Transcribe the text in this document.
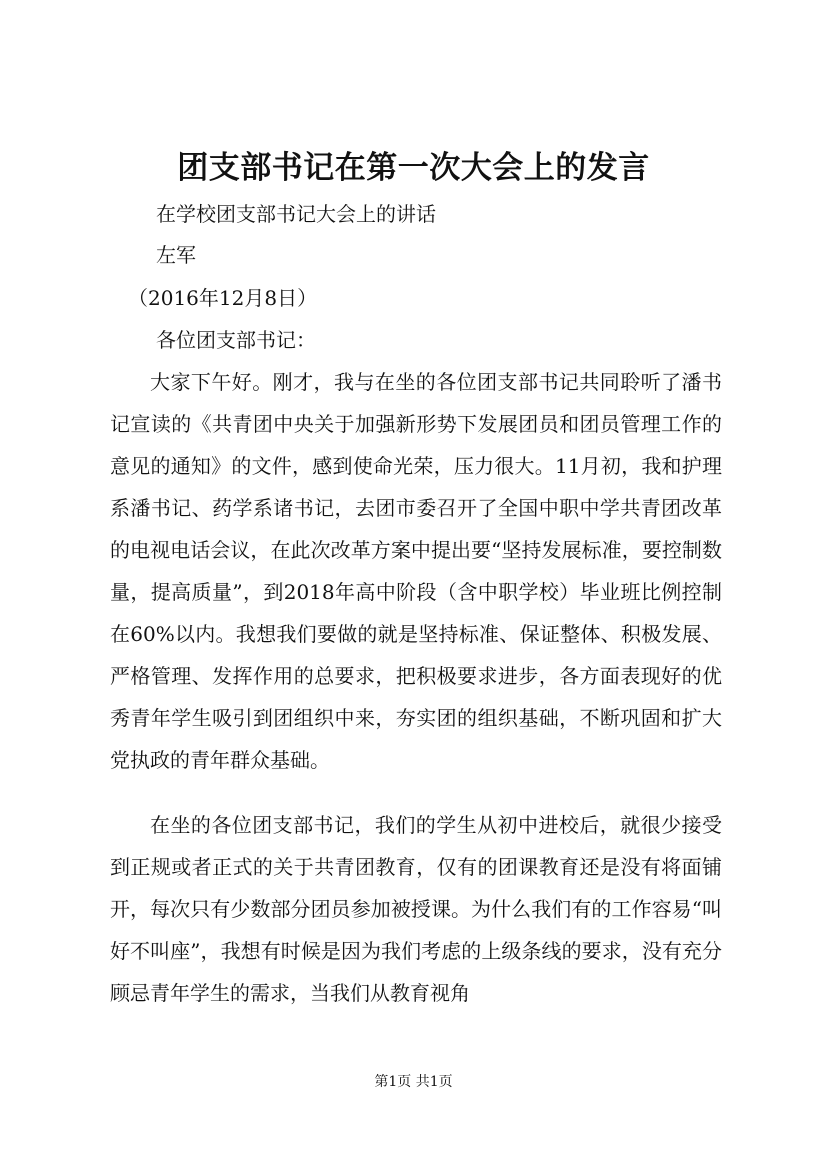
团支部书记在第一次大会上的发言

在学校团支部书记大会上的讲话

左军

（2016年12月8日）

各位团支部书记：

大家下午好。刚才，我与在坐的各位团支部书记共同聆听了潘书记宣读的《共青团中央关于加强新形势下发展团员和团员管理工作的意见的通知》的文件，感到使命光荣，压力很大。11月初，我和护理系潘书记、药学系诸书记，去团市委召开了全国中职中学共青团改革的电视电话会议，在此次改革方案中提出要“坚持发展标准，要控制数量，提高质量”，到2018年高中阶段（含中职学校）毕业班比例控制在60%以内。我想我们要做的就是坚持标准、保证整体、积极发展、严格管理、发挥作用的总要求，把积极要求进步，各方面表现好的优秀青年学生吸引到团组织中来，夯实团的组织基础，不断巩固和扩大党执政的青年群众基础。

在坐的各位团支部书记，我们的学生从初中进校后，就很少接受到正规或者正式的关于共青团教育，仅有的团课教育还是没有将面铺开，每次只有少数部分团员参加被授课。为什么我们有的工作容易“叫好不叫座”，我想有时候是因为我们考虑的上级条线的要求，没有充分顾忌青年学生的需求，当我们从教育视角

第1页 共1页
